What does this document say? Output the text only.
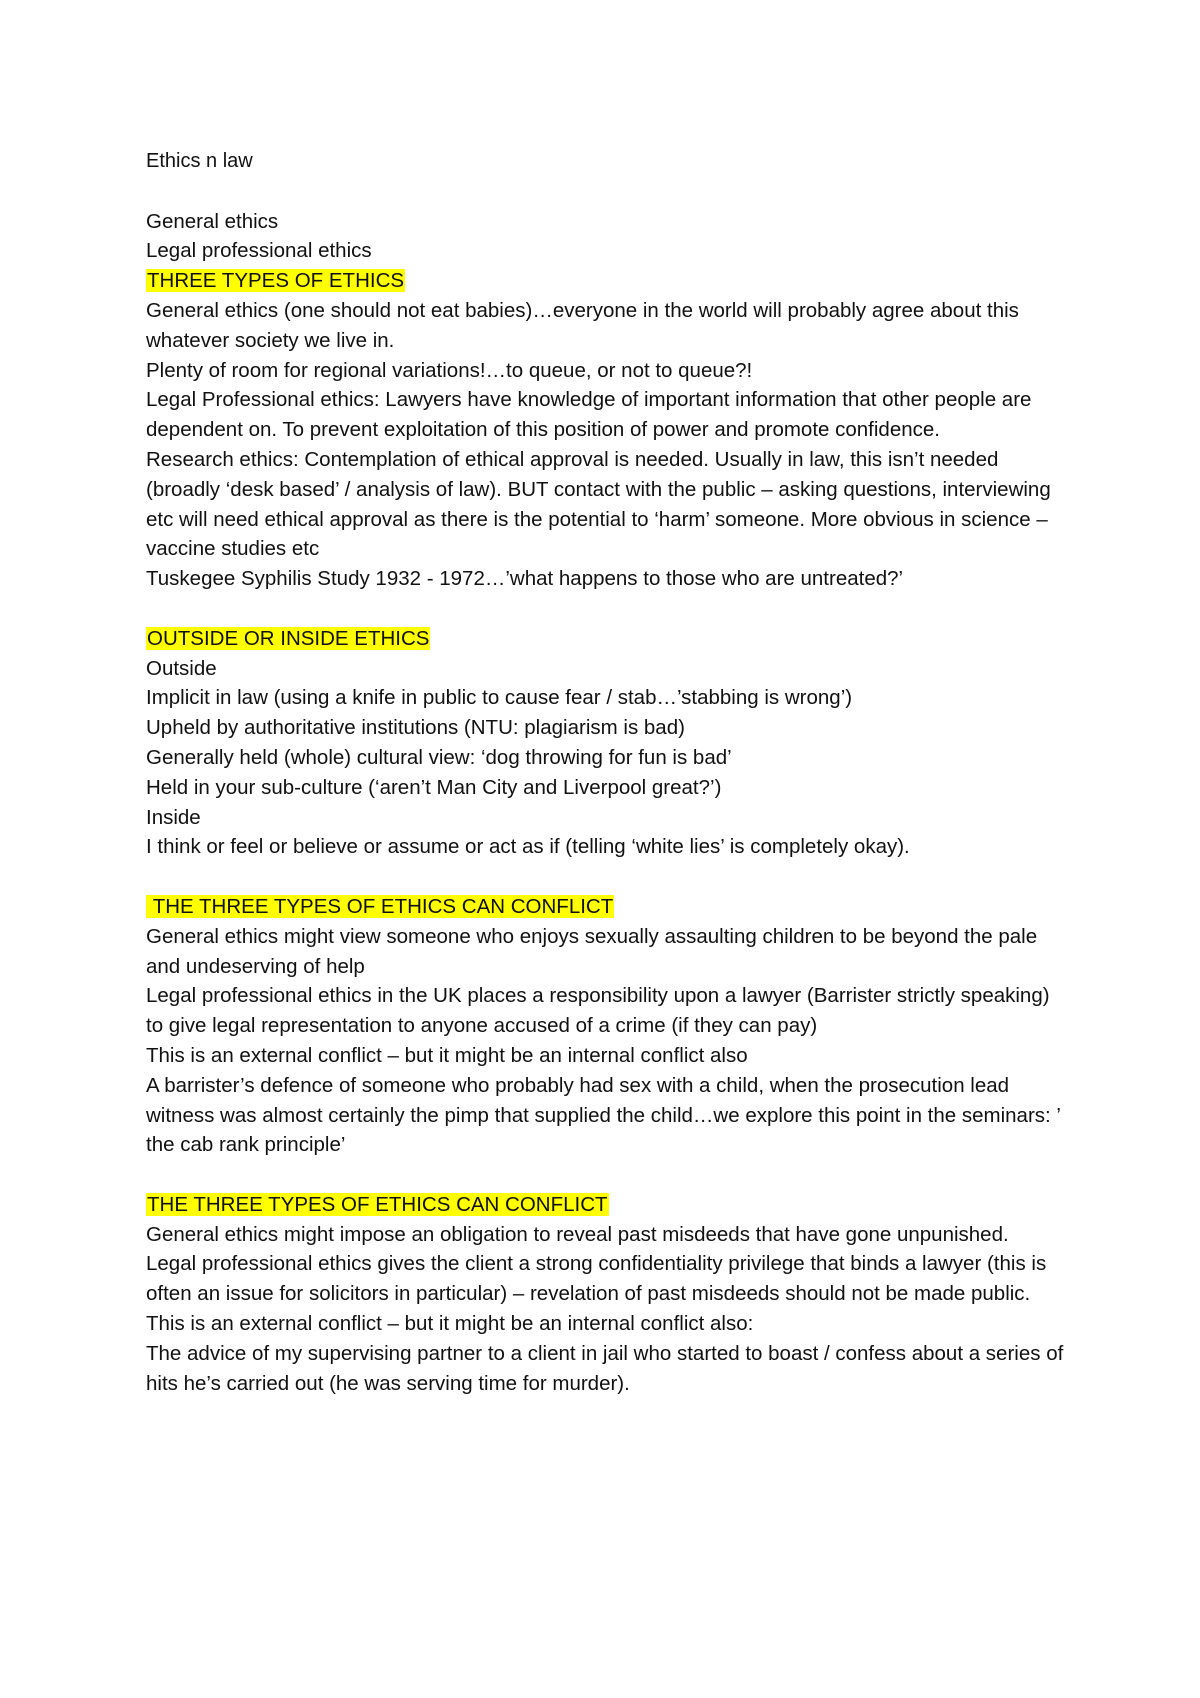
Ethics n law

General ethics

Legal professional ethics

THREE TYPES OF ETHICS

General ethics (one should not eat babies)…everyone in the world will probably agree about this whatever society we live in.

Plenty of room for regional variations!…to queue, or not to queue?!

Legal Professional ethics: Lawyers have knowledge of important information that other people are dependent on. To prevent exploitation of this position of power and promote confidence.

Research ethics: Contemplation of ethical approval is needed. Usually in law, this isn’t needed (broadly ‘desk based’ / analysis of law). BUT contact with the public – asking questions, interviewing etc will need ethical approval as there is the potential to ‘harm’ someone. More obvious in science – vaccine studies etc

Tuskegee Syphilis Study 1932 - 1972…’what happens to those who are untreated?’

OUTSIDE OR INSIDE ETHICS

Outside

Implicit in law (using a knife in public to cause fear / stab…’stabbing is wrong’)

Upheld by authoritative institutions (NTU: plagiarism is bad)

Generally held (whole) cultural view: ‘dog throwing for fun is bad’

Held in your sub-culture (‘aren’t Man City and Liverpool great?’)

Inside

I think or feel or believe or assume or act as if (telling ‘white lies’ is completely okay).

THE THREE TYPES OF ETHICS CAN CONFLICT

General ethics might view someone who enjoys sexually assaulting children to be beyond the pale and undeserving of help

Legal professional ethics in the UK places a responsibility upon a lawyer (Barrister strictly speaking) to give legal representation to anyone accused of a crime (if they can pay)

This is an external conflict – but it might be an internal conflict also

A barrister’s defence of someone who probably had sex with a child, when the prosecution lead witness was almost certainly the pimp that supplied the child…we explore this point in the seminars: ’ the cab rank principle’

THE THREE TYPES OF ETHICS CAN CONFLICT

General ethics might impose an obligation to reveal past misdeeds that have gone unpunished.

Legal professional ethics gives the client a strong confidentiality privilege that binds a lawyer (this is often an issue for solicitors in particular) – revelation of past misdeeds should not be made public.

This is an external conflict – but it might be an internal conflict also:

The advice of my supervising partner to a client in jail who started to boast / confess about a series of hits he’s carried out (he was serving time for murder).
